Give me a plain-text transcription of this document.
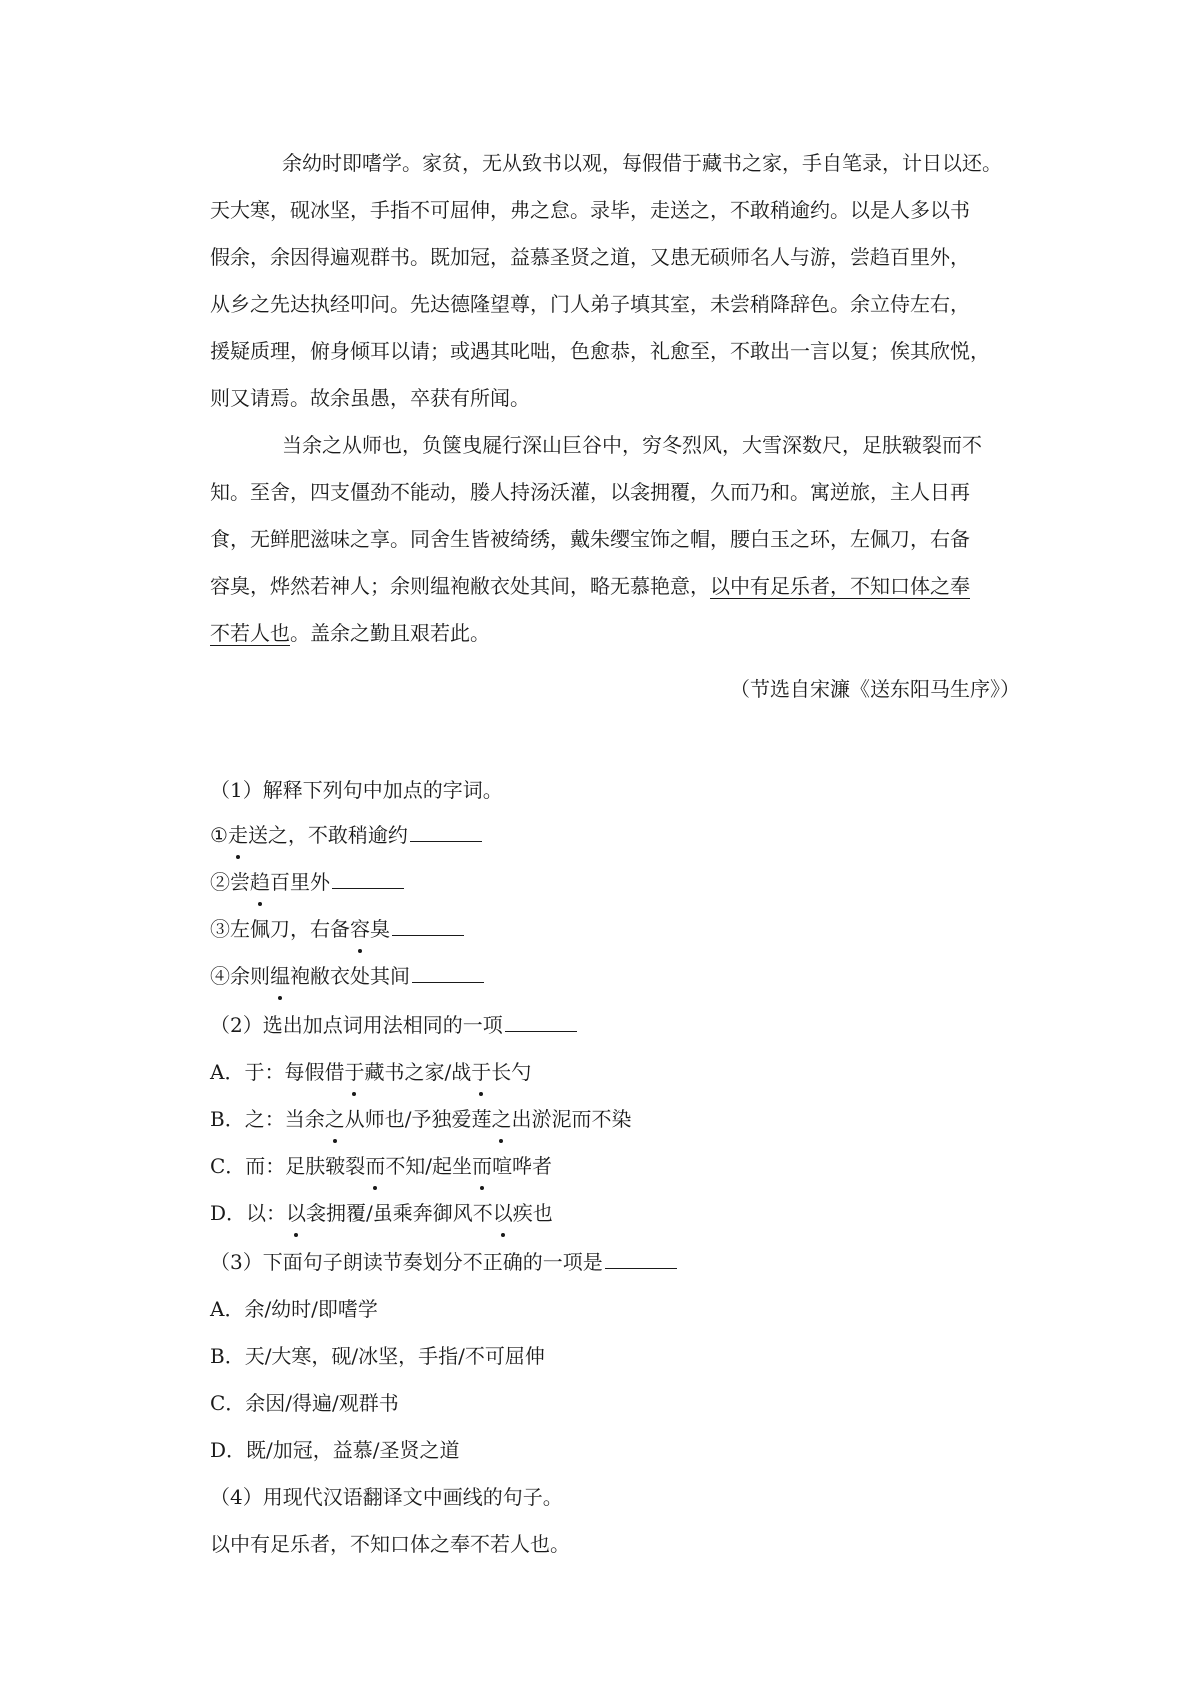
余幼时即嗜学。家贫，无从致书以观，每假借于藏书之家，手自笔录，计日以还。
天大寒，砚冰坚，手指不可屈伸，弗之怠。录毕，走送之，不敢稍逾约。以是人多以书
假余，余因得遍观群书。既加冠，益慕圣贤之道，又患无硕师名人与游，尝趋百里外，
从乡之先达执经叩问。先达德隆望尊，门人弟子填其室，未尝稍降辞色。余立侍左右，
援疑质理，俯身倾耳以请；或遇其叱咄，色愈恭，礼愈至，不敢出一言以复；俟其欣悦，
则又请焉。故余虽愚，卒获有所闻。

当余之从师也，负箧曳屣行深山巨谷中，穷冬烈风，大雪深数尺，足肤皲裂而不
知。至舍，四支僵劲不能动，媵人持汤沃灌，以衾拥覆，久而乃和。寓逆旅，主人日再
食，无鲜肥滋味之享。同舍生皆被绮绣，戴朱缨宝饰之帽，腰白玉之环，左佩刀，右备
容臭，烨然若神人；余则缊袍敝衣处其间，略无慕艳意，以中有足乐者，不知口体之奉
不若人也。盖余之勤且艰若此。

（节选自宋濂《送东阳马生序》）
（1）解释下列句中加点的字词。
①走送之，不敢稍逾约
②尝趋百里外
③左佩刀，右备容臭
④余则缊袍敝衣处其间
（2）选出加点词用法相同的一项
A．于：每假借于藏书之家/战于长勺
B．之：当余之从师也/予独爱莲之出淤泥而不染
C．而：足肤皲裂而不知/起坐而喧哗者
D．以：以衾拥覆/虽乘奔御风不以疾也
（3）下面句子朗读节奏划分不正确的一项是
A．余/幼时/即嗜学
B．天/大寒，砚/冰坚，手指/不可屈伸
C．余因/得遍/观群书
D．既/加冠，益慕/圣贤之道
（4）用现代汉语翻译文中画线的句子。
以中有足乐者，不知口体之奉不若人也。
